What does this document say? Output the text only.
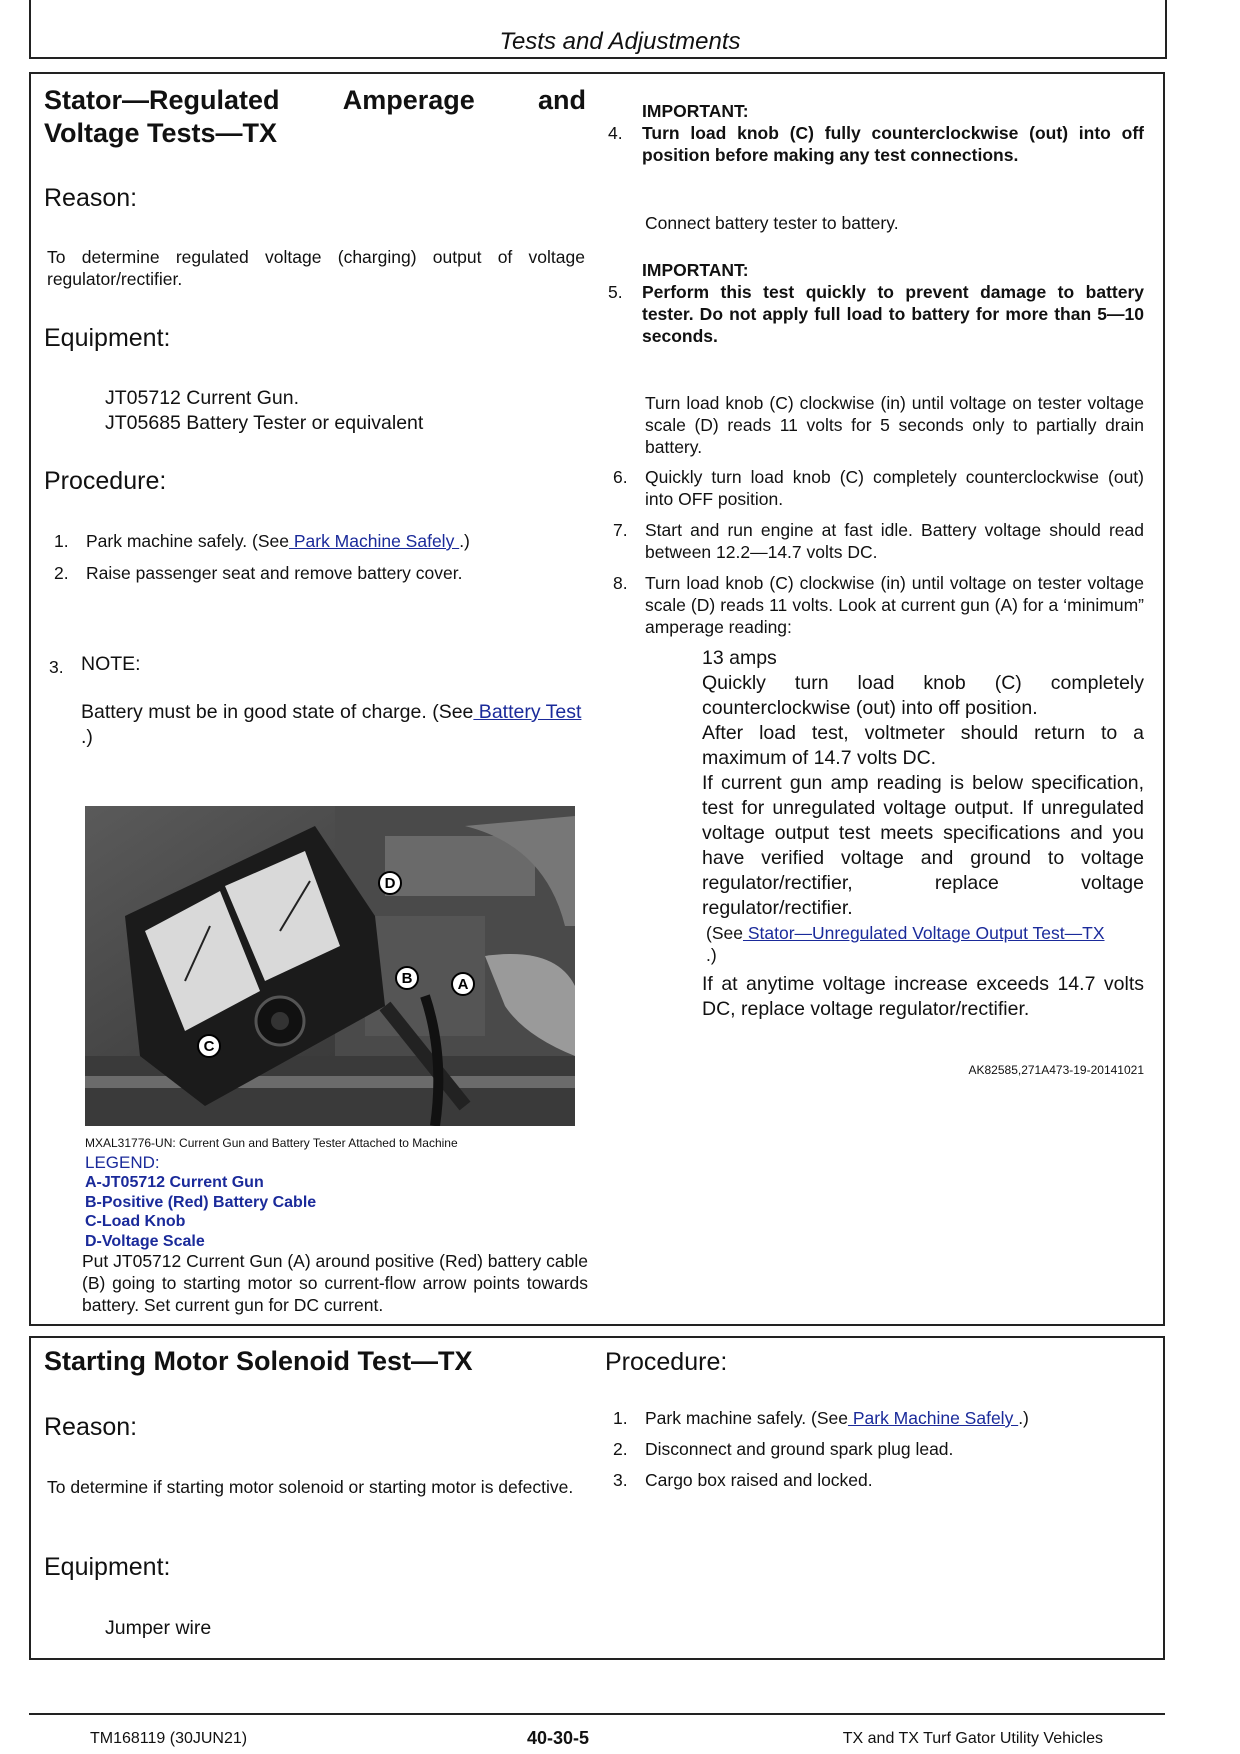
Tests and Adjustments
Stator—Regulated Amperage and
Voltage Tests—TX
Reason:
To determine regulated voltage (charging) output of voltage regulator/rectifier.
Equipment:
JT05712 Current Gun.
JT05685 Battery Tester or equivalent
Procedure:
1. Park machine safely. (See Park Machine Safely .)
2. Raise passenger seat and remove battery cover.
3. NOTE:
Battery must be in good state of charge. (See Battery Test .)
A
B
C
D
MXAL31776-UN: Current Gun and Battery Tester Attached to Machine
LEGEND:
A-JT05712 Current Gun
B-Positive (Red) Battery Cable
C-Load Knob
D-Voltage Scale
Put JT05712 Current Gun (A) around positive (Red) battery cable (B) going to starting motor so current-flow arrow points towards battery. Set current gun for DC current.
IMPORTANT:
4. Turn load knob (C) fully counterclockwise (out) into off position before making any test connections.
Connect battery tester to battery.
IMPORTANT:
5. Perform this test quickly to prevent damage to battery tester. Do not apply full load to battery for more than 5—10 seconds.
Turn load knob (C) clockwise (in) until voltage on tester voltage scale (D) reads 11 volts for 5 seconds only to partially drain battery.
6. Quickly turn load knob (C) completely counterclockwise (out) into OFF position.
7. Start and run engine at fast idle. Battery voltage should read between 12.2—14.7 volts DC.
8. Turn load knob (C) clockwise (in) until voltage on tester voltage scale (D) reads 11 volts. Look at current gun (A) for a ‘minimum” amperage reading:
13 amps
Quickly turn load knob (C) completely counterclockwise (out) into off position.
After load test, voltmeter should return to a maximum of 14.7 volts DC.
If current gun amp reading is below specification, test for unregulated voltage output. If unregulated voltage output test meets specifications and you have verified voltage and ground to voltage regulator/rectifier, replace voltage regulator/rectifier.
(See Stator—Unregulated Voltage Output Test—TX
.)
If at anytime voltage increase exceeds 14.7 volts DC, replace voltage regulator/rectifier.
AK82585,271A473-19-20141021
Starting Motor Solenoid Test—TX
Reason:
To determine if starting motor solenoid or starting motor is defective.
Equipment:
Jumper wire
Procedure:
1. Park machine safely. (See Park Machine Safely .)
2. Disconnect and ground spark plug lead.
3. Cargo box raised and locked.
TM168119 (30JUN21)	40-30-5	TX and TX Turf Gator Utility Vehicles
